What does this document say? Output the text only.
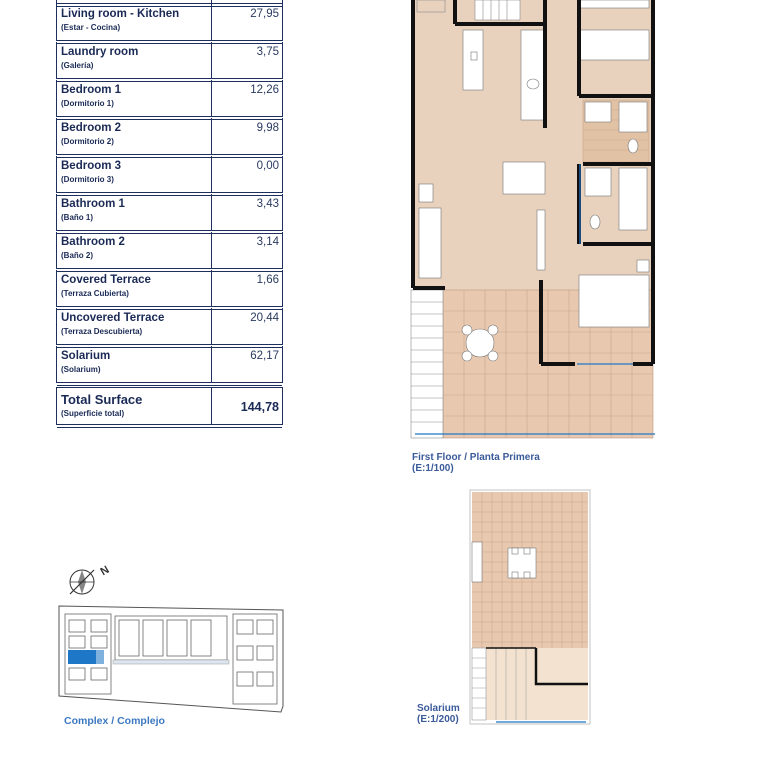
Living room - Kitchen
(Estar - Cocina)
27,95
Laundry room
(Galería)
3,75
Bedroom 1
(Dormitorio 1)
12,26
Bedroom 2
(Dormitorio 2)
9,98
Bedroom 3
(Dormitorio 3)
0,00
Bathroom 1
(Baño 1)
3,43
Bathroom 2
(Baño 2)
3,14
Covered Terrace
(Terraza Cubierta)
1,66
Uncovered Terrace
(Terraza Descubierta)
20,44
Solarium
(Solarium)
62,17
Total Surface
(Superficie total)	144,78
First Floor / Planta Primera
(E:1/100)
Solarium
(E:1/200)
N
Complex / Complejo
